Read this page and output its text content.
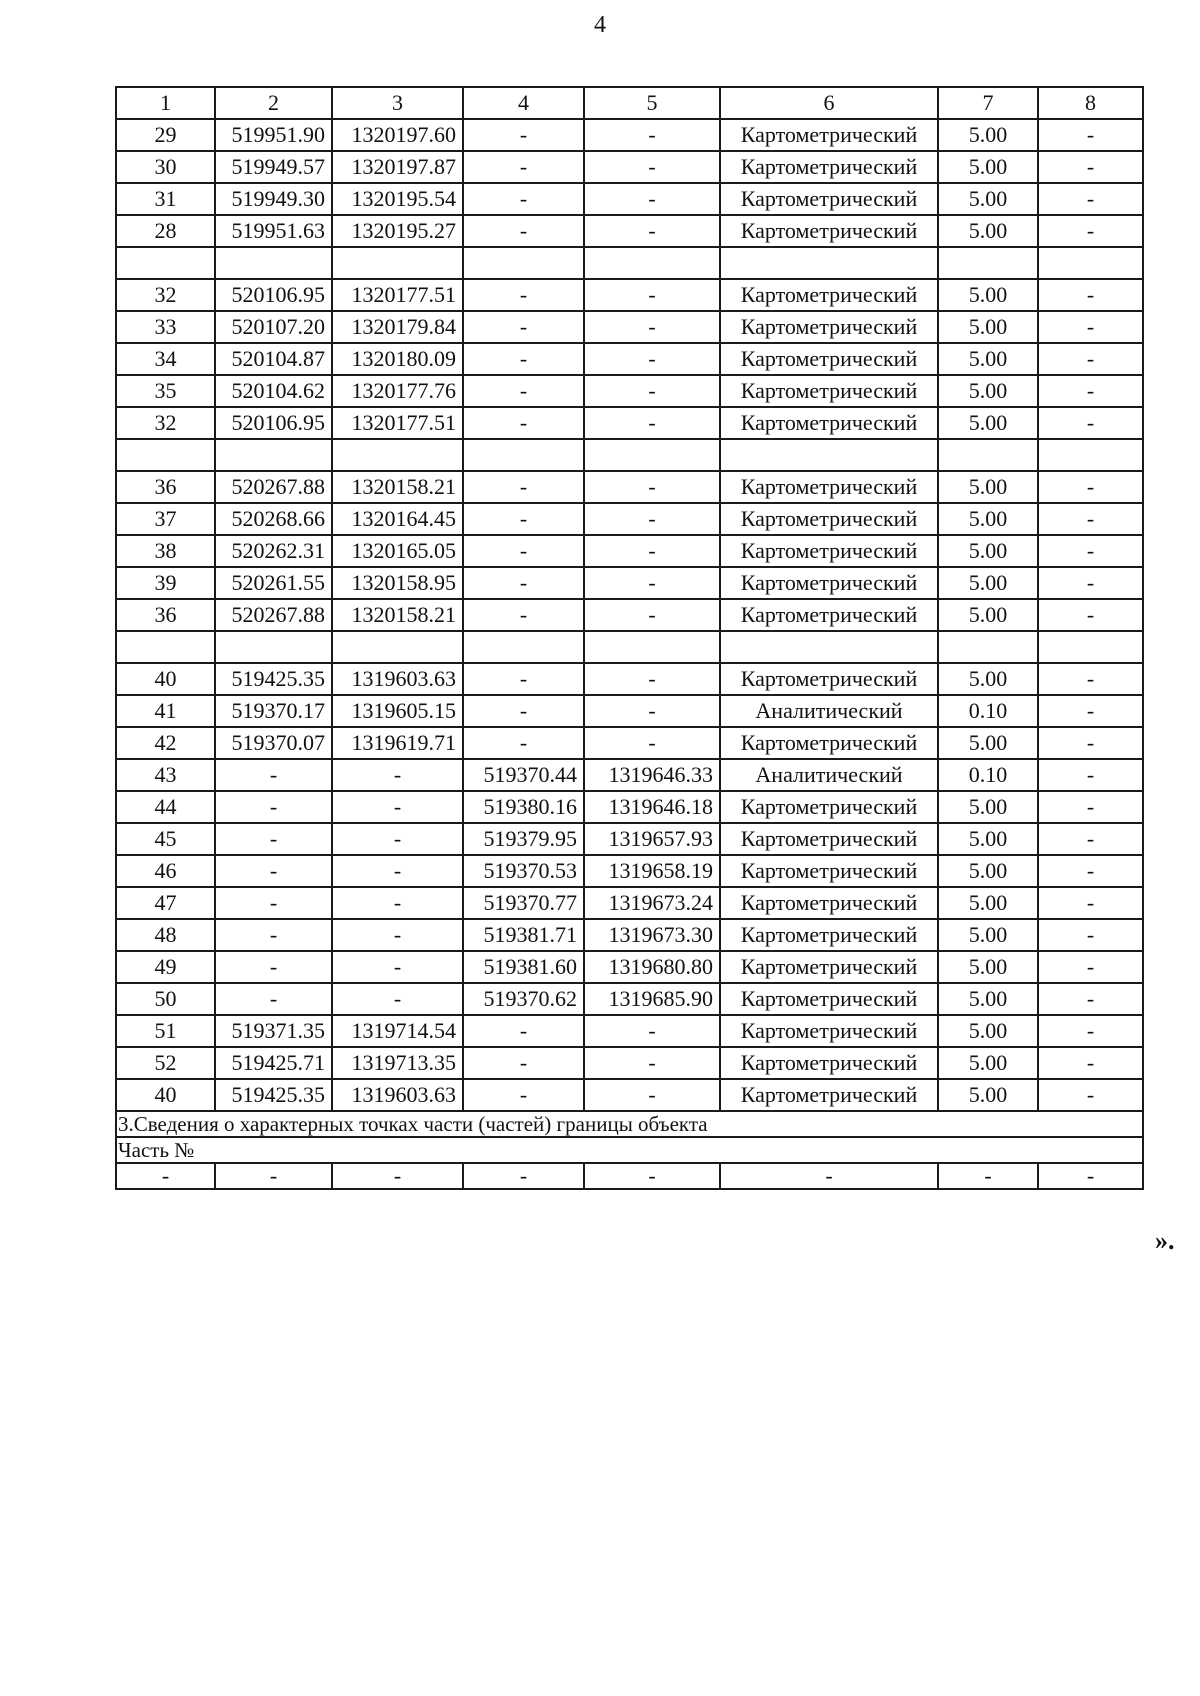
4
1	2	3	4	5	6	7	8
29	519951.90	1320197.60	-	-	Картометрический	5.00	-
30	519949.57	1320197.87	-	-	Картометрический	5.00	-
31	519949.30	1320195.54	-	-	Картометрический	5.00	-
28	519951.63	1320195.27	-	-	Картометрический	5.00	-

32	520106.95	1320177.51	-	-	Картометрический	5.00	-
33	520107.20	1320179.84	-	-	Картометрический	5.00	-
34	520104.87	1320180.09	-	-	Картометрический	5.00	-
35	520104.62	1320177.76	-	-	Картометрический	5.00	-
32	520106.95	1320177.51	-	-	Картометрический	5.00	-

36	520267.88	1320158.21	-	-	Картометрический	5.00	-
37	520268.66	1320164.45	-	-	Картометрический	5.00	-
38	520262.31	1320165.05	-	-	Картометрический	5.00	-
39	520261.55	1320158.95	-	-	Картометрический	5.00	-
36	520267.88	1320158.21	-	-	Картометрический	5.00	-

40	519425.35	1319603.63	-	-	Картометрический	5.00	-
41	519370.17	1319605.15	-	-	Аналитический	0.10	-
42	519370.07	1319619.71	-	-	Картометрический	5.00	-
43	-	-	519370.44	1319646.33	Аналитический	0.10	-
44	-	-	519380.16	1319646.18	Картометрический	5.00	-
45	-	-	519379.95	1319657.93	Картометрический	5.00	-
46	-	-	519370.53	1319658.19	Картометрический	5.00	-
47	-	-	519370.77	1319673.24	Картометрический	5.00	-
48	-	-	519381.71	1319673.30	Картометрический	5.00	-
49	-	-	519381.60	1319680.80	Картометрический	5.00	-
50	-	-	519370.62	1319685.90	Картометрический	5.00	-
51	519371.35	1319714.54	-	-	Картометрический	5.00	-
52	519425.71	1319713.35	-	-	Картометрический	5.00	-
40	519425.35	1319603.63	-	-	Картометрический	5.00	-
3.Сведения о характерных точках части (частей) границы объекта							
Часть №							
-	-	-	-	-	-	-	-
».
